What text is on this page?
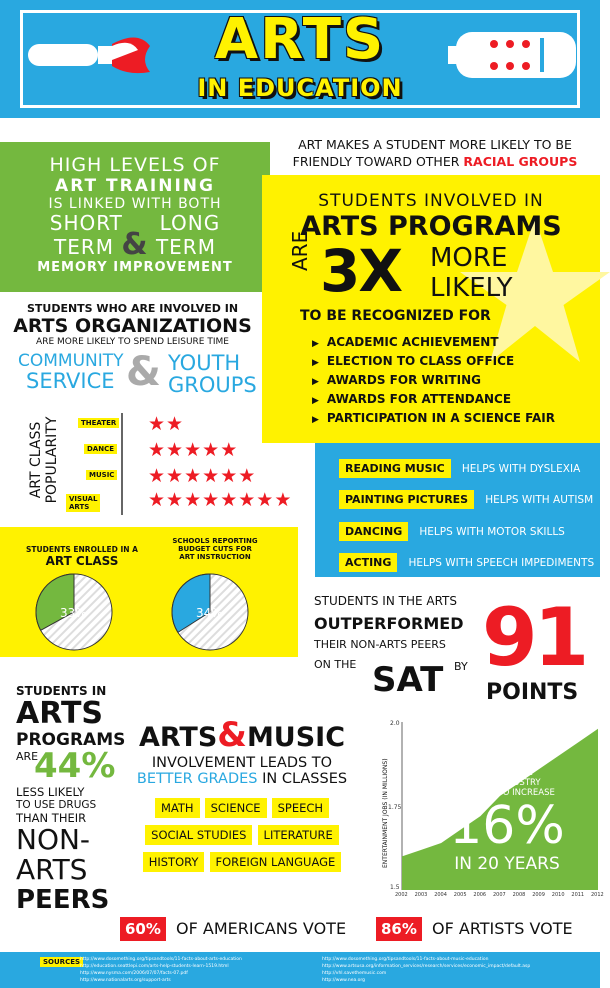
ARTS
IN EDUCATION
ART MAKES A STUDENT MORE LIKELY TO BE
FRIENDLY TOWARD OTHER RACIAL GROUPS
HIGH LEVELS OF
ART TRAINING
IS LINKED WITH BOTH
SHORT LONG
TERM & TERM
MEMORY IMPROVEMENT
STUDENTS INVOLVED IN
ARTS PROGRAMS
ARE 3X MORE
LIKELY
TO BE RECOGNIZED FOR
▶ ACADEMIC ACHIEVEMENT
▶ ELECTION TO CLASS OFFICE
▶ AWARDS FOR WRITING
▶ AWARDS FOR ATTENDANCE
▶ PARTICIPATION IN A SCIENCE FAIR
STUDENTS WHO ARE INVOLVED IN
ARTS ORGANIZATIONS
ARE MORE LIKELY TO SPEND LEISURE TIME
COMMUNITY
SERVICE & YOUTH
GROUPS
ART CLASS POPULARITY	THEATER ★★
DANCE ★★★★★
MUSIC ★★★★★★
VISUAL ARTS	★★★★★★★★
READING MUSIC HELPS WITH DYSLEXIA
PAINTING PICTURES HELPS WITH AUTISM
DANCING HELPS WITH MOTOR SKILLS
ACTING HELPS WITH SPEECH IMPEDIMENTS
STUDENTS ENROLLED IN A
ART CLASS
33%
SCHOOLS REPORTING
BUDGET CUTS FOR
ART INSTRUCTION
34%
STUDENTS IN THE ARTS
OUTPERFORMED
THEIR NON-ARTS PEERS
ON THE SAT BY 91
POINTS
STUDENTS IN
ARTS
PROGRAMS
ARE
44%
LESS LIKELY
TO USE DRUGS
THAN THEIR
NON-
ARTS
PEERS
ARTS&MUSIC
INVOLVEMENT LEADS TO
BETTER GRADES IN CLASSES
MATH SCIENCE SPEECH
SOCIAL STUDIES LITERATURE
HISTORY FOREIGN LANGUAGE	ENTERTAINMENT JOBS (IN MILLIONS)
2.0
1.75
1.5
2002 2003 2004 2005 2006 2007 2008 2009 2010 2011 2012
JOBS IN THE
ARTS INDUSTRY
ARE SET TO INCREASE
16%
IN 20 YEARS
60% OF AMERICANS VOTE	86% OF ARTISTS VOTE
SOURCES http://www.dosomething.org/tipsandtools/11-facts-about-arts-education
http://education.seattlepi.com/arts-help-students-learn-1519.html
http://www.nysma.com/2006/07/07/facts-07.pdf
http://www.nationalarts.org/support-arts
http://www.dosomething.org/tipsandtools/11-facts-about-music-education
http://www.artsusa.org/information_services/research/services/economic_impact/default.asp
http://vhl.savethemusic.com
http://www.nea.org
